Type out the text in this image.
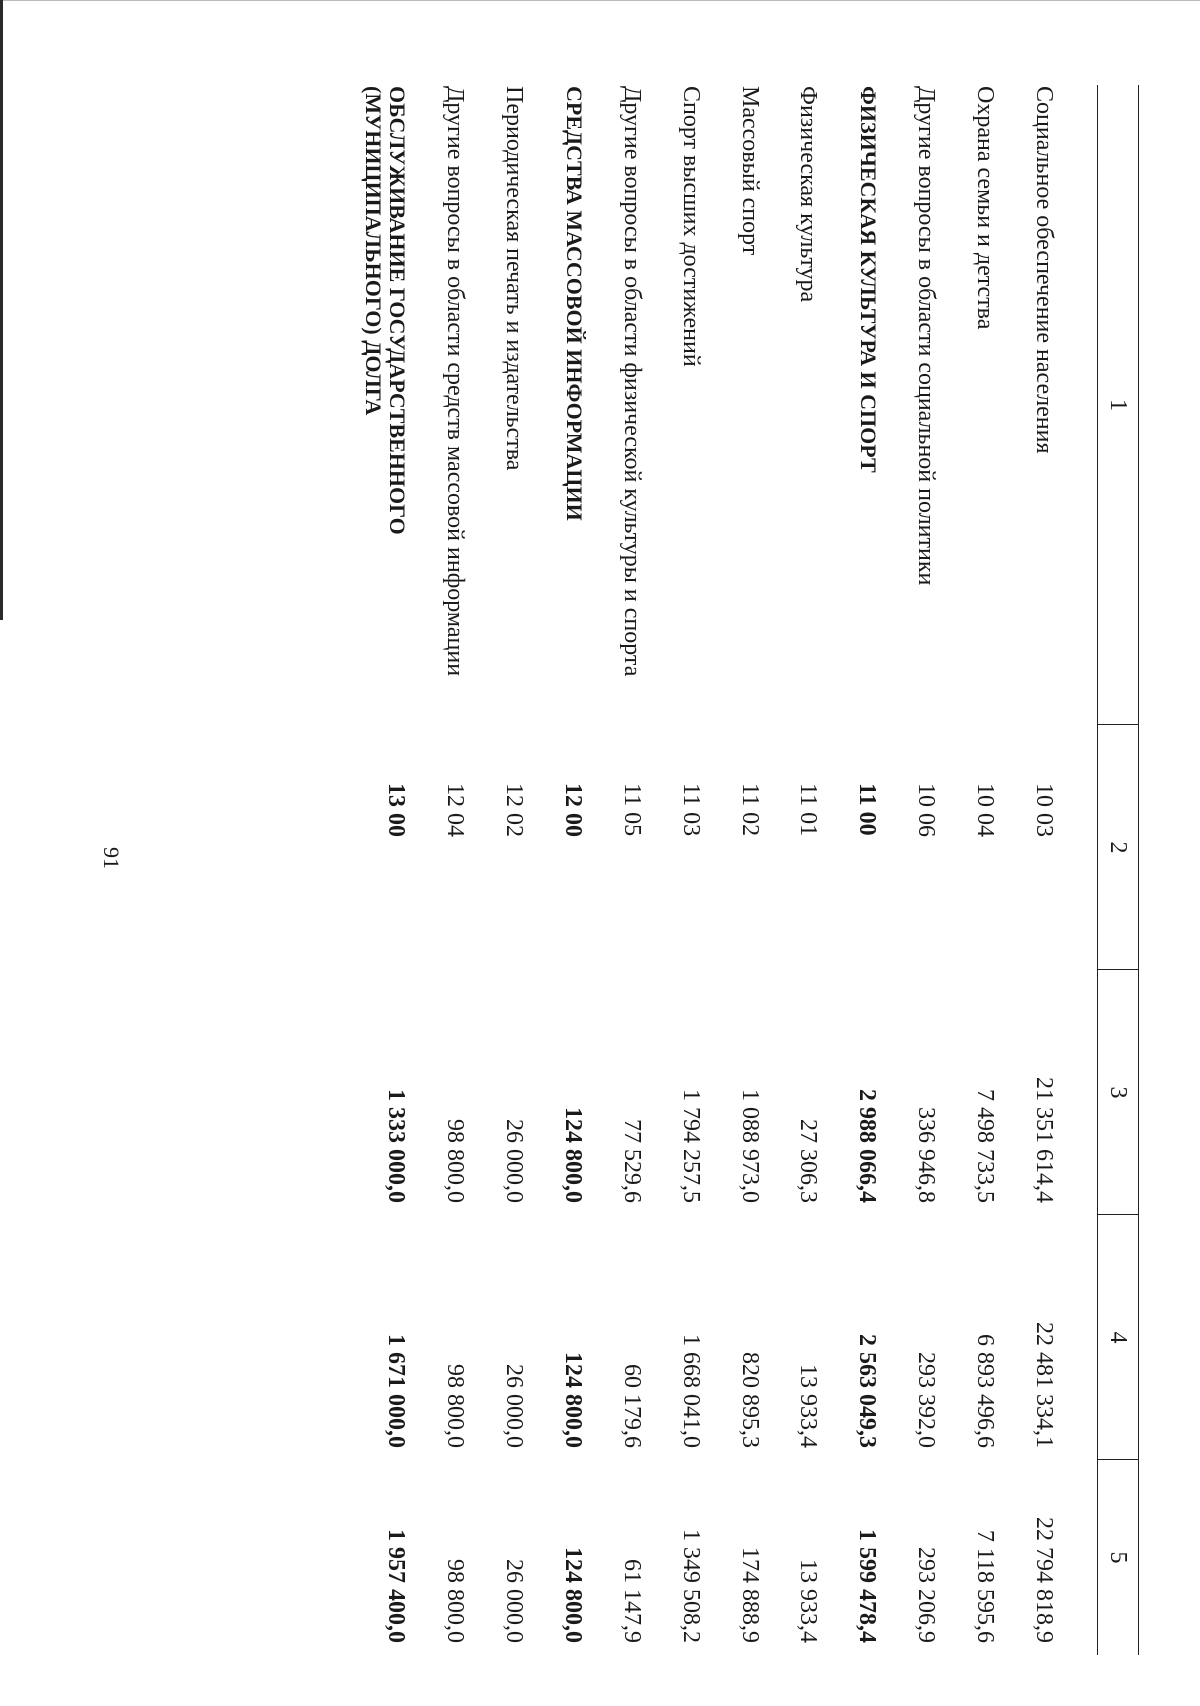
91
1	2	3	4	5
Социальное обеспечение населения	10 03	21 351 614,4	22 481 334,1	22 794 818,9
Охрана семьи и детства	10 04	7 498 733,5	6 893 496,6	7 118 595,6
Другие вопросы в области социальной политики	10 06	336 946,8	293 392,0	293 206,9
ФИЗИЧЕСКАЯ КУЛЬТУРА И СПОРТ	11 00	2 988 066,4	2 563 049,3	1 599 478,4
Физическая культура	11 01	27 306,3	13 933,4	13 933,4
Массовый спорт	11 02	1 088 973,0	820 895,3	174 888,9
Спорт высших достижений	11 03	1 794 257,5	1 668 041,0	1 349 508,2
Другие вопросы в области физической культуры и спорта	11 05	77 529,6	60 179,6	61 147,9
СРЕДСТВА МАССОВОЙ ИНФОРМАЦИИ	12 00	124 800,0	124 800,0	124 800,0
Периодическая печать и издательства	12 02	26 000,0	26 000,0	26 000,0
Другие вопросы в области средств массовой информации	12 04	98 800,0	98 800,0	98 800,0
ОБСЛУЖИВАНИЕ ГОСУДАРСТВЕННОГО (МУНИЦИПАЛЬНОГО) ДОЛГА	13 00	1 333 000,0	1 671 000,0	1 957 400,0
